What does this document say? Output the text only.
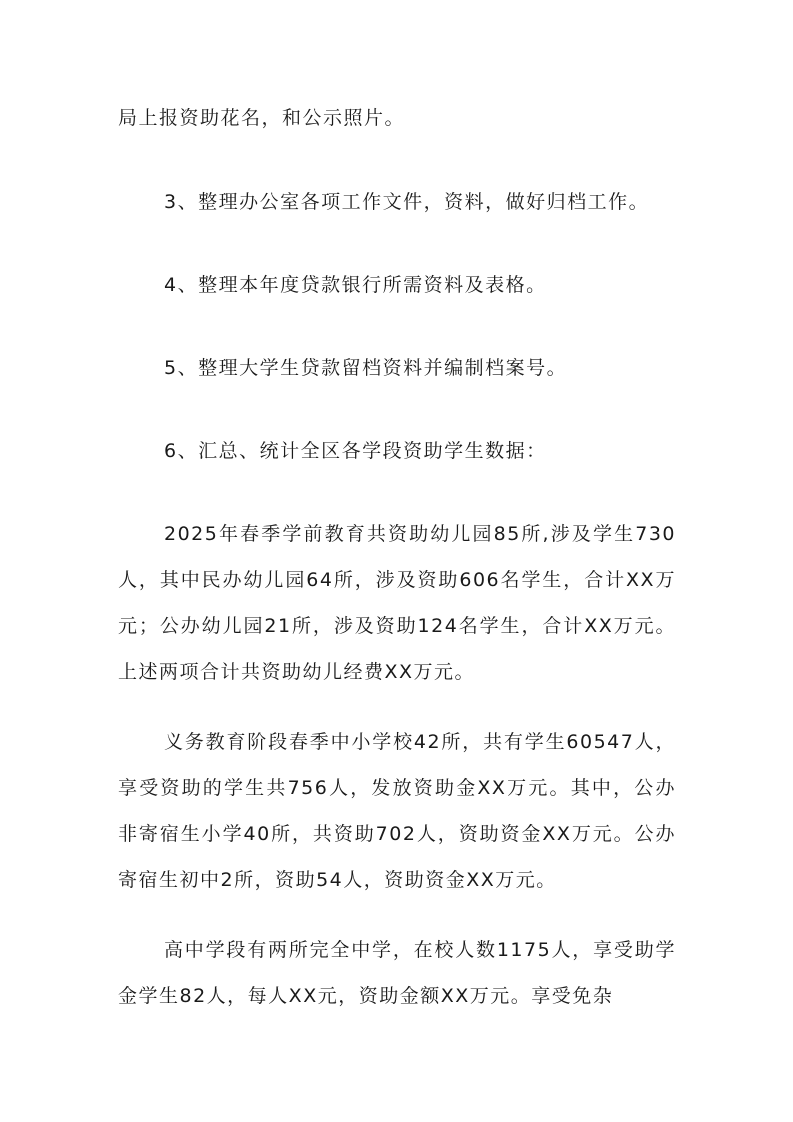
局上报资助花名，和公示照片。

3、整理办公室各项工作文件，资料，做好归档工作。

4、整理本年度贷款银行所需资料及表格。

5、整理大学生贷款留档资料并编制档案号。

6、汇总、统计全区各学段资助学生数据：

2025年春季学前教育共资助幼儿园85所,涉及学生730人，其中民办幼儿园64所，涉及资助606名学生，合计XX万元；公办幼儿园21所，涉及资助124名学生，合计XX万元。上述两项合计共资助幼儿经费XX万元。

义务教育阶段春季中小学校42所，共有学生60547人，享受资助的学生共756人，发放资助金XX万元。其中，公办非寄宿生小学40所，共资助702人，资助资金XX万元。公办寄宿生初中2所，资助54人，资助资金XX万元。

高中学段有两所完全中学，在校人数1175人，享受助学金学生82人，每人XX元，资助金额XX万元。享受免杂
